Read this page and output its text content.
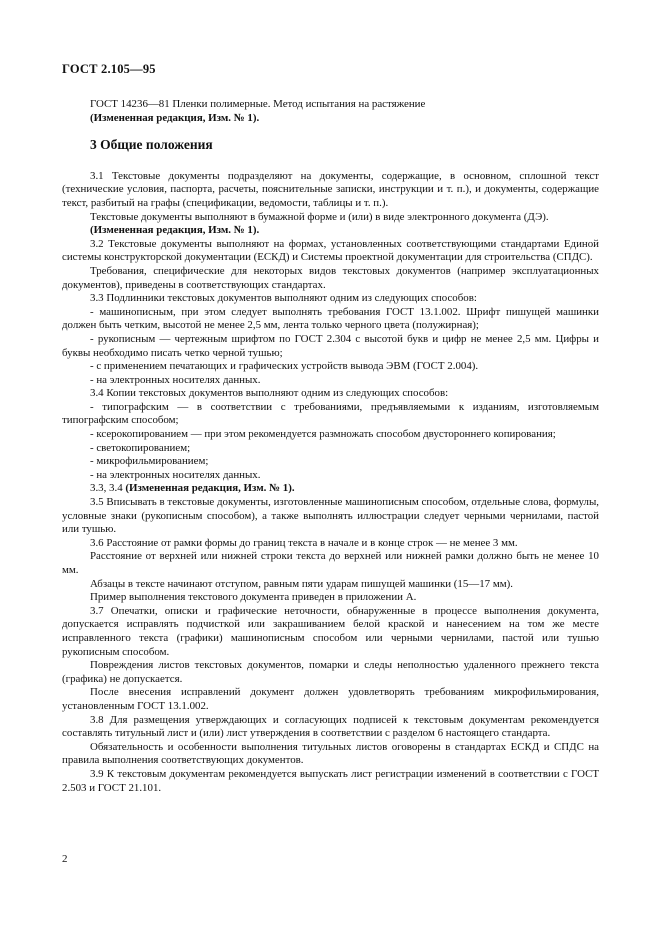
ГОСТ 2.105—95

ГОСТ 14236—81 Пленки полимерные. Метод испытания на растяжение

(Измененная редакция, Изм. № 1).

3 Общие положения

3.1 Текстовые документы подразделяют на документы, содержащие, в основном, сплошной текст (технические условия, паспорта, расчеты, пояснительные записки, инструкции и т. п.), и документы, содержащие текст, разбитый на графы (спецификации, ведомости, таблицы и т. п.).

Текстовые документы выполняют в бумажной форме и (или) в виде электронного документа (ДЭ).

(Измененная редакция, Изм. № 1).

3.2 Текстовые документы выполняют на формах, установленных соответствующими стандартами Единой системы конструкторской документации (ЕСКД) и Системы проектной документации для строительства (СПДС).

Требования, специфические для некоторых видов текстовых документов (например эксплуатационных документов), приведены в соответствующих стандартах.

3.3 Подлинники текстовых документов выполняют одним из следующих способов:

- машинописным, при этом следует выполнять требования ГОСТ 13.1.002. Шрифт пишущей машинки должен быть четким, высотой не менее 2,5 мм, лента только черного цвета (полужирная);

- рукописным — чертежным шрифтом по ГОСТ 2.304 с высотой букв и цифр не менее 2,5 мм. Цифры и буквы необходимо писать четко черной тушью;

- с применением печатающих и графических устройств вывода ЭВМ (ГОСТ 2.004).

- на электронных носителях данных.

3.4 Копии текстовых документов выполняют одним из следующих способов:

- типографским — в соответствии с требованиями, предъявляемыми к изданиям, изготовляемым типографским способом;

- ксерокопированием — при этом рекомендуется размножать способом двустороннего копирования;

- светокопированием;

- микрофильмированием;

- на электронных носителях данных.

3.3, 3.4 (Измененная редакция, Изм. № 1).

3.5 Вписывать в текстовые документы, изготовленные машинописным способом, отдельные слова, формулы, условные знаки (рукописным способом), а также выполнять иллюстрации следует черными чернилами, пастой или тушью.

3.6 Расстояние от рамки формы до границ текста в начале и в конце строк — не менее 3 мм.

Расстояние от верхней или нижней строки текста до верхней или нижней рамки должно быть не менее 10 мм.

Абзацы в тексте начинают отступом, равным пяти ударам пишущей машинки (15—17 мм).

Пример выполнения текстового документа приведен в приложении А.

3.7 Опечатки, описки и графические неточности, обнаруженные в процессе выполнения документа, допускается исправлять подчисткой или закрашиванием белой краской и нанесением на том же месте исправленного текста (графики) машинописным способом или черными чернилами, пастой или тушью рукописным способом.

Повреждения листов текстовых документов, помарки и следы неполностью удаленного прежнего текста (графика) не допускается.

После внесения исправлений документ должен удовлетворять требованиям микрофильмирования, установленным ГОСТ 13.1.002.

3.8 Для размещения утверждающих и согласующих подписей к текстовым документам рекомендуется составлять титульный лист и (или) лист утверждения в соответствии с разделом 6 настоящего стандарта.

Обязательность и особенности выполнения титульных листов оговорены в стандартах ЕСКД и СПДС на правила выполнения соответствующих документов.

3.9 К текстовым документам рекомендуется выпускать лист регистрации изменений в соответствии с ГОСТ 2.503 и ГОСТ 21.101.

2
